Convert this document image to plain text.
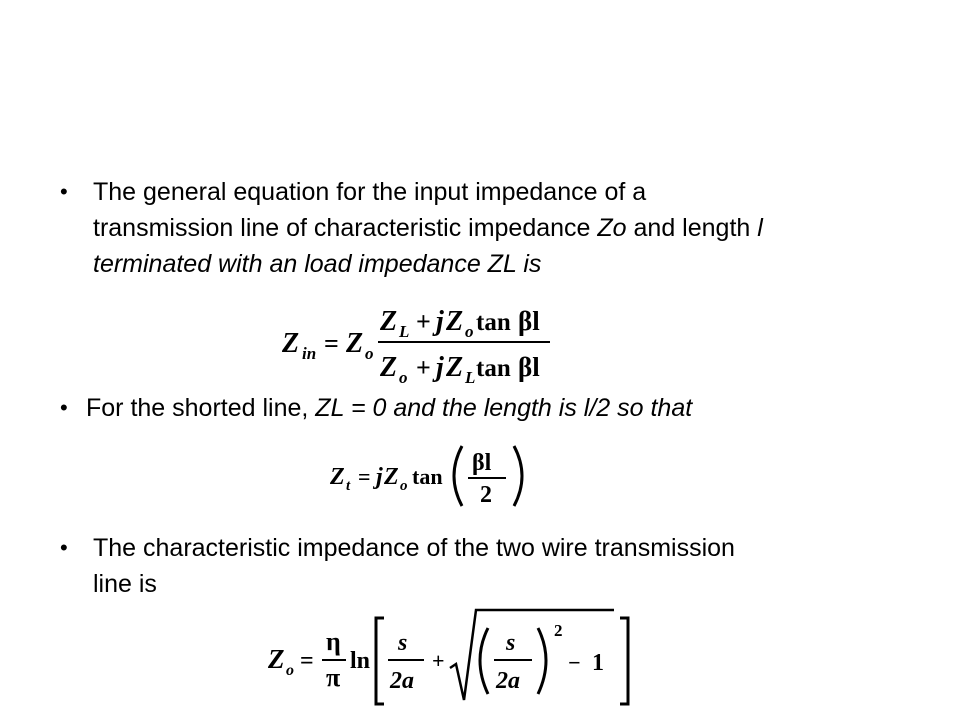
• The general equation for the input impedance of a
transmission line of characteristic impedance Zo and length l
terminated with an load impedance ZL is
Z in = Z o
Z L + j Z o tan βl
Z o + j Z L tan βl
• For the shorted line, ZL = 0 and the length is l/2 so that
Z t = j Z o tan
βl
2
• The characteristic impedance of the two wire transmission
line is
Z o =
η
π
ln
s
2a
+
s
2a
2
− 1
